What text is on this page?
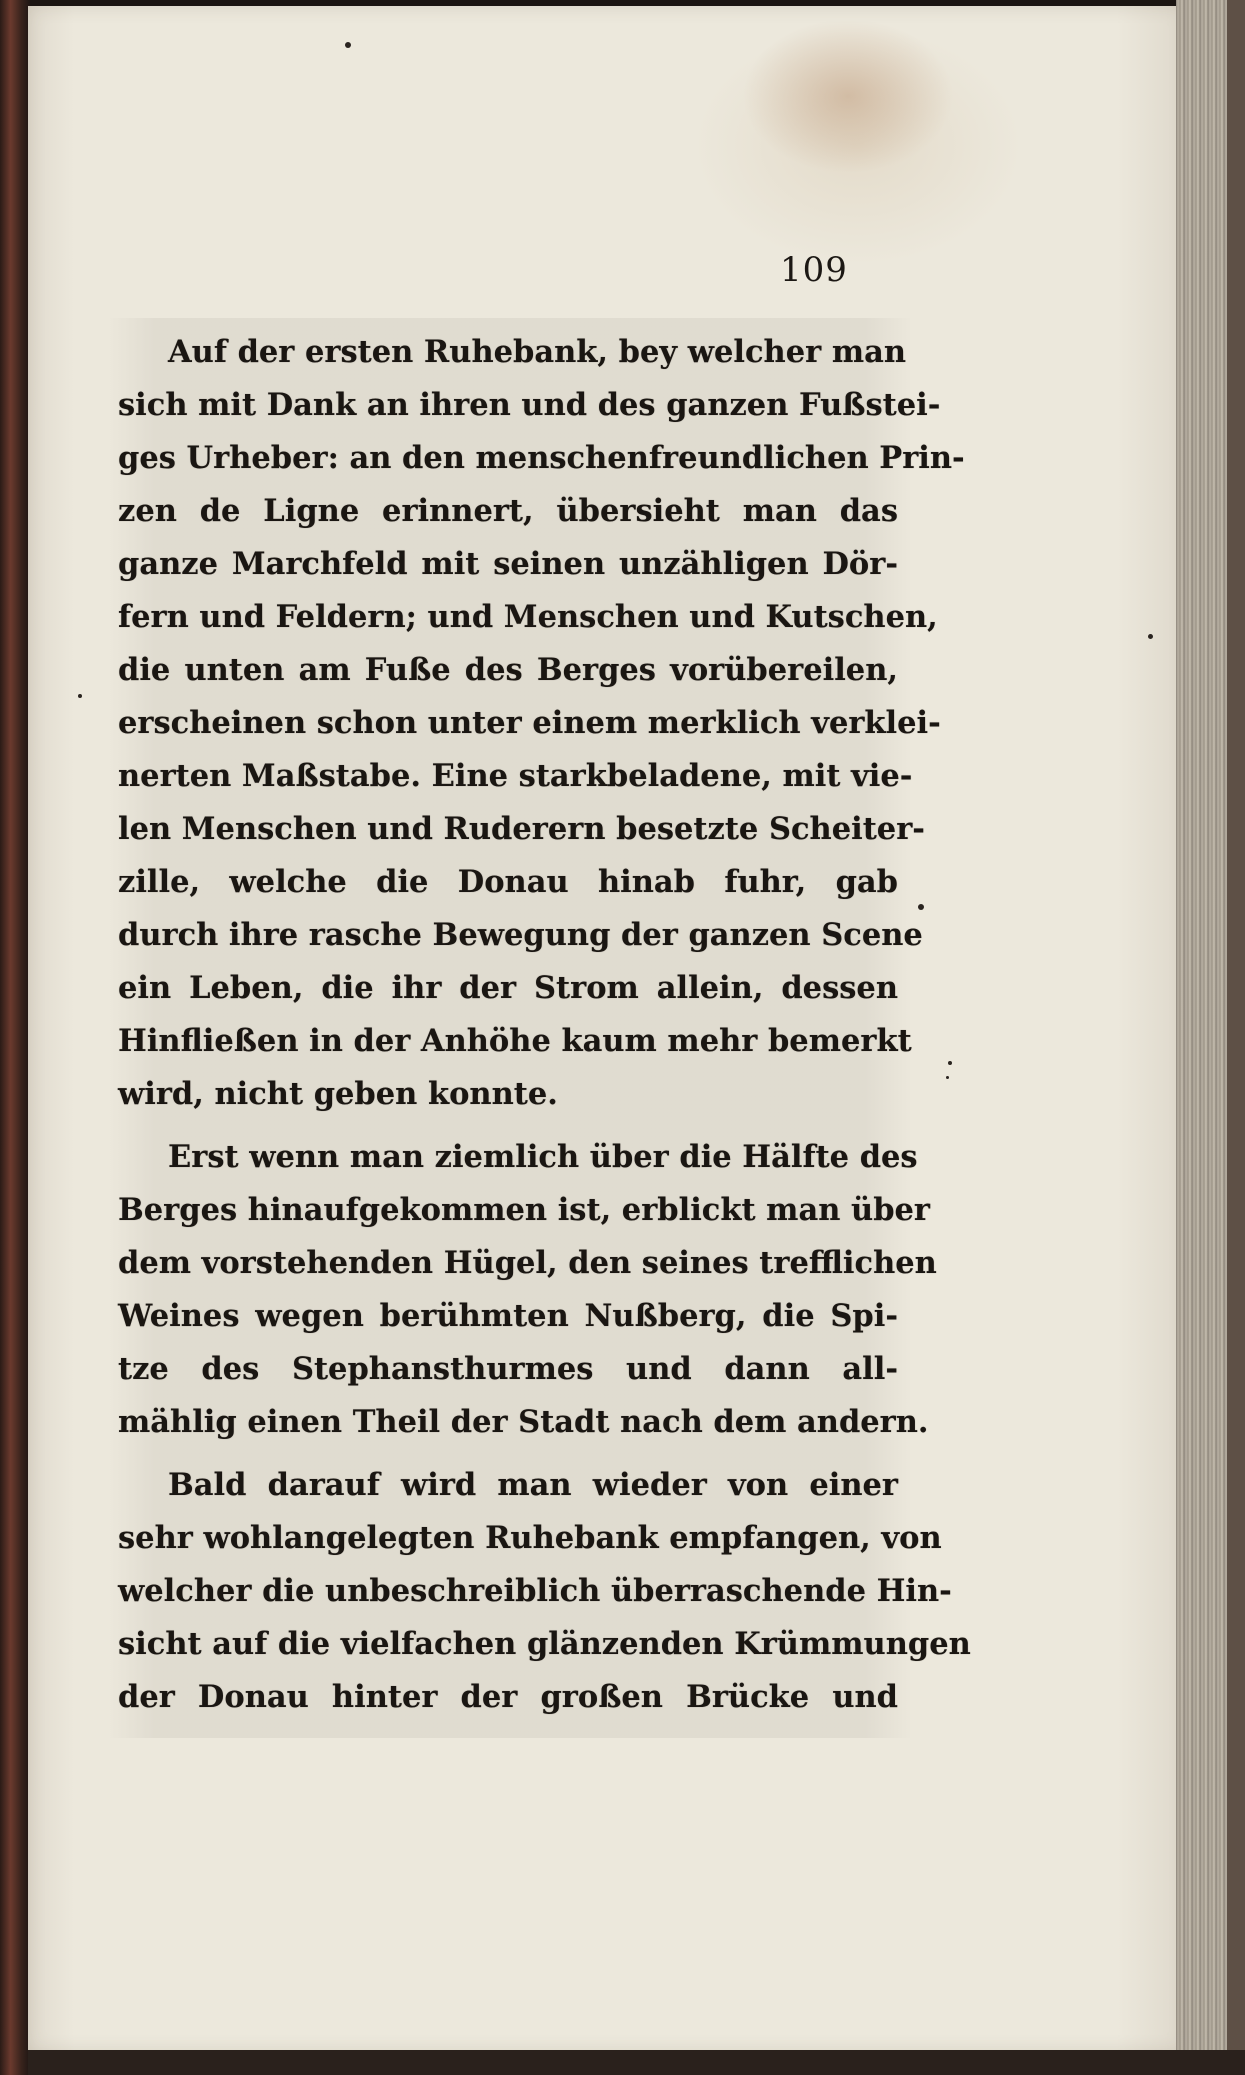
109

Auf der ersten Ruhebank, bey welcher man
sich mit Dank an ihren und des ganzen Fußstei-
ges Urheber: an den menschenfreundlichen Prin-
zen de Ligne erinnert, übersieht man das
ganze Marchfeld mit seinen unzähligen Dör-
fern und Feldern; und Menschen und Kutschen,
die unten am Fuße des Berges vorübereilen,
erscheinen schon unter einem merklich verklei-
nerten Maßstabe. Eine starkbeladene, mit vie-
len Menschen und Ruderern besetzte Scheiter-
zille, welche die Donau hinab fuhr, gab
durch ihre rasche Bewegung der ganzen Scene
ein Leben, die ihr der Strom allein, dessen
Hinfließen in der Anhöhe kaum mehr bemerkt
wird, nicht geben konnte.

Erst wenn man ziemlich über die Hälfte des
Berges hinaufgekommen ist, erblickt man über
dem vorstehenden Hügel, den seines trefflichen
Weines wegen berühmten Nußberg, die Spi-
tze des Stephansthurmes und dann all-
mählig einen Theil der Stadt nach dem andern.

Bald darauf wird man wieder von einer
sehr wohlangelegten Ruhebank empfangen, von
welcher die unbeschreiblich überraschende Hin-
sicht auf die vielfachen glänzenden Krümmungen
der Donau hinter der großen Brücke und
